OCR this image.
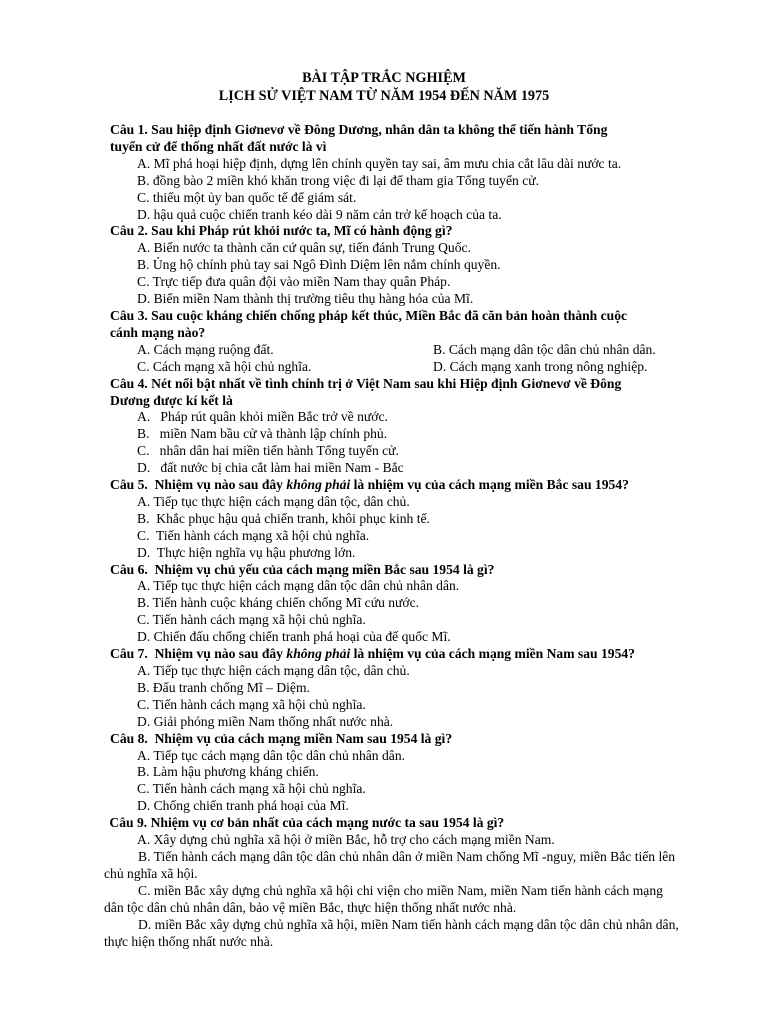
BÀI TẬP TRẮC NGHIỆM
LỊCH SỬ VIỆT NAM TỪ NĂM 1954 ĐẾN NĂM 1975
Câu 1. Sau hiệp định Giơnevơ về Đông Dương, nhân dân ta không thể tiến hành Tổng
tuyển cử để thống nhất đất nước là vì
A. Mĩ phá hoại hiệp định, dựng lên chính quyền tay sai, âm mưu chia cắt lâu dài nước ta.
B. đồng bào 2 miền khó khăn trong việc đi lại để tham gia Tổng tuyển cử.
C. thiếu một ủy ban quốc tế để giám sát.
D. hậu quả cuộc chiến tranh kéo dài 9 năm cản trở kế hoạch của ta.
Câu 2. Sau khi Pháp rút khỏi nước ta, Mĩ có hành động gì?
A. Biến nước ta thành căn cứ quân sự, tiến đánh Trung Quốc.
B. Ủng hộ chính phủ tay sai Ngô Đình Diệm lên nắm chính quyền.
C. Trực tiếp đưa quân đội vào miền Nam thay quân Pháp.
D. Biến miền Nam thành thị trường tiêu thụ hàng hóa của Mĩ.
Câu 3. Sau cuộc kháng chiến chống pháp kết thúc, Miền Bắc đã căn bản hoàn thành cuộc
cánh mạng nào?
A. Cách mạng ruộng đất.	B. Cách mạng dân tộc dân chủ nhân dân.
C. Cách mạng xã hội chủ nghĩa.	D. Cách mạng xanh trong nông nghiệp.
Câu 4. Nét nổi bật nhất về tình chính trị ở Việt Nam sau khi Hiệp định Giơnevơ về Đông
Dương được kí kết là
A.   Pháp rút quân khỏi miền Bắc trở về nước.
B.   miền Nam bầu cử và thành lập chính phủ.
C.   nhân dân hai miền tiến hành Tổng tuyển cử.
D.   đất nước bị chia cắt làm hai miền Nam - Bắc
Câu 5.  Nhiệm vụ nào sau đây không phải là nhiệm vụ của cách mạng miền Bắc sau 1954?
A. Tiếp tục thực hiện cách mạng dân tộc, dân chủ.
B.  Khắc phục hậu quả chiến tranh, khôi phục kinh tế.
C.  Tiến hành cách mạng xã hội chủ nghĩa.
D.  Thực hiện nghĩa vụ hậu phương lớn.
Câu 6.  Nhiệm vụ chủ yếu của cách mạng miền Bắc sau 1954 là gì?
A. Tiếp tục thực hiện cách mạng dân tộc dân chủ nhân dân.
B. Tiến hành cuộc kháng chiến chống Mĩ cứu nước.
C. Tiến hành cách mạng xã hội chủ nghĩa.
D. Chiến đấu chống chiến tranh phá hoại của đế quốc Mĩ.
Câu 7.  Nhiệm vụ nào sau đây không phải là nhiệm vụ của cách mạng miền Nam sau 1954?
A. Tiếp tục thực hiện cách mạng dân tộc, dân chủ.
B. Đấu tranh chống Mĩ – Diệm.
C. Tiến hành cách mạng xã hội chủ nghĩa.
D. Giải phóng miền Nam thống nhất nước nhà.
Câu 8.  Nhiệm vụ của cách mạng miền Nam sau 1954 là gì?
A. Tiếp tục cách mạng dân tộc dân chủ nhân dân.
B. Làm hậu phương kháng chiến.
C. Tiến hành cách mạng xã hội chủ nghĩa.
D. Chống chiến tranh phá hoại của Mĩ.
Câu 9. Nhiệm vụ cơ bản nhất của cách mạng nước ta sau 1954 là gì?
A. Xây dựng chủ nghĩa xã hội ở miền Bắc, hỗ trợ cho cách mạng miền Nam.
B. Tiến hành cách mạng dân tộc dân chủ nhân dân ở miền Nam chống Mĩ -nguy, miền Bắc tiến lên
chủ nghĩa xã hội.
C. miền Bắc xây dựng chủ nghĩa xã hội chi viện cho miền Nam, miền Nam tiến hành cách mạng
dân tộc dân chủ nhân dân, bảo vệ miền Bắc, thực hiện thống nhất nước nhà.
D. miền Bắc xây dựng chủ nghĩa xã hội, miền Nam tiến hành cách mạng dân tộc dân chủ nhân dân,
thực hiện thống nhất nước nhà.
